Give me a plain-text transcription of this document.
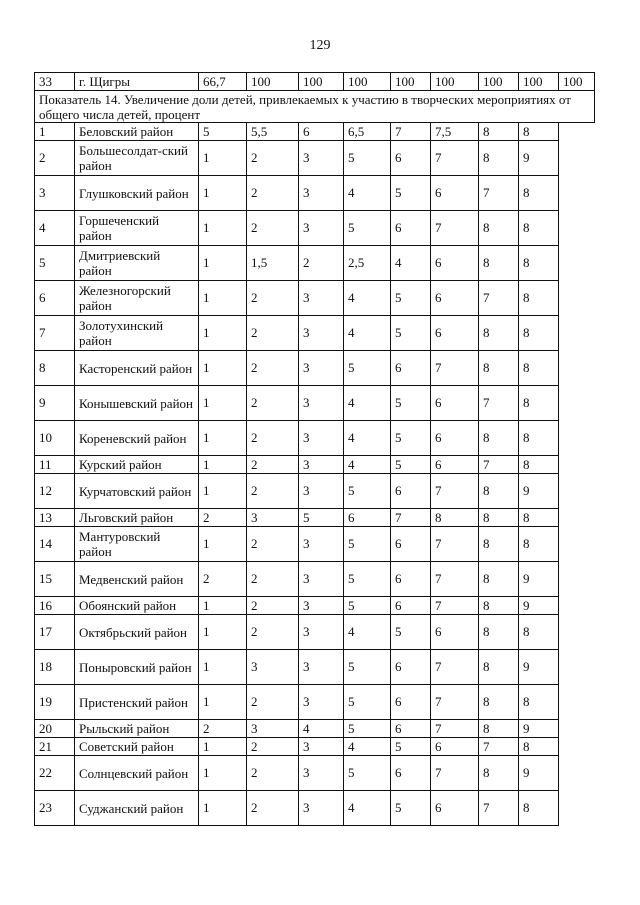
129
33	г. Щигры	66,7	100	100	100	100	100	100	100	100
Показатель 14. Увеличение доли детей, привлекаемых к участию в творческих мероприятиях от общего числа детей, процент										
1	Беловский район	5	5,5	6	6,5	7	7,5	8	8	
2	Большесолдат-ский район	1	2	3	5	6	7	8	9	
3	Глушковский район	1	2	3	4	5	6	7	8	
4	Горшеченский район	1	2	3	5	6	7	8	8	
5	Дмитриевский район	1	1,5	2	2,5	4	6	8	8	
6	Железногорский район	1	2	3	4	5	6	7	8	
7	Золотухинский район	1	2	3	4	5	6	8	8	
8	Касторенский район	1	2	3	5	6	7	8	8	
9	Конышевский район	1	2	3	4	5	6	7	8	
10	Кореневский район	1	2	3	4	5	6	8	8	
11	Курский район	1	2	3	4	5	6	7	8	
12	Курчатовский район	1	2	3	5	6	7	8	9	
13	Льговский район	2	3	5	6	7	8	8	8	
14	Мантуровский район	1	2	3	5	6	7	8	8	
15	Медвенский район	2	2	3	5	6	7	8	9	
16	Обоянский район	1	2	3	5	6	7	8	9	
17	Октябрьский район	1	2	3	4	5	6	8	8	
18	Поныровский район	1	3	3	5	6	7	8	9	
19	Пристенский район	1	2	3	5	6	7	8	8	
20	Рыльский район	2	3	4	5	6	7	8	9	
21	Советский район	1	2	3	4	5	6	7	8	
22	Солнцевский район	1	2	3	5	6	7	8	9	
23	Суджанский район	1	2	3	4	5	6	7	8	
